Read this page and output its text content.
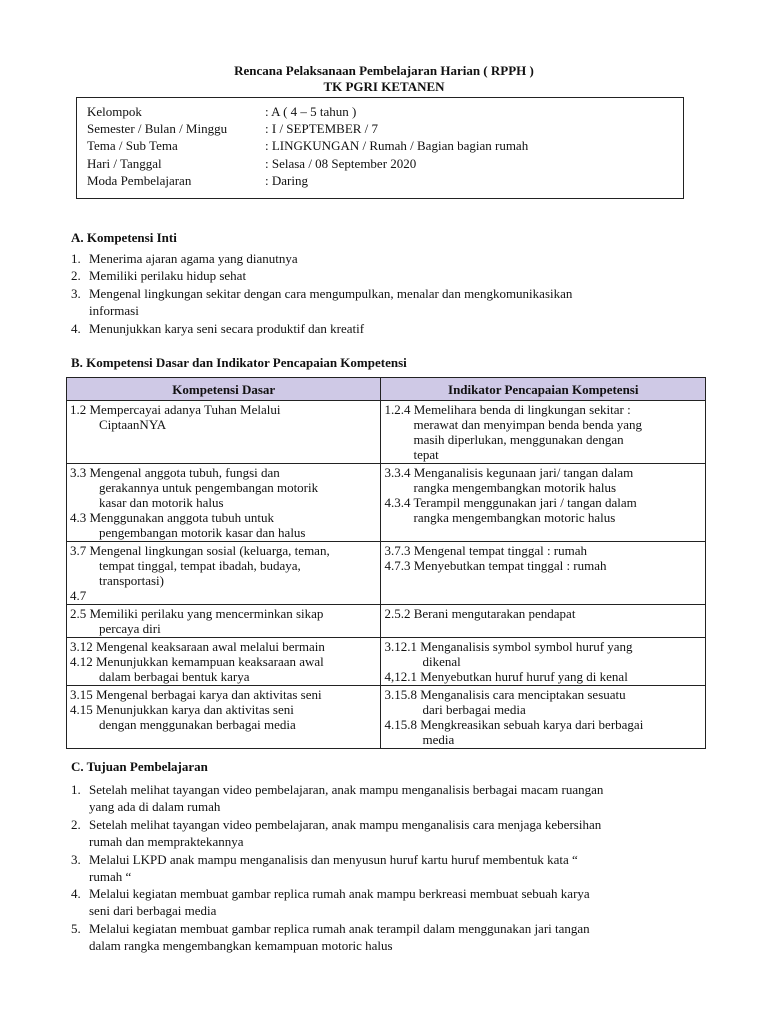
Rencana Pelaksanaan Pembelajaran Harian ( RPPH )
TK PGRI KETANEN
Kelompok	: A ( 4 – 5 tahun )
Semester / Bulan / Minggu	: I / SEPTEMBER / 7
Tema / Sub Tema	: LINGKUNGAN / Rumah / Bagian bagian rumah
Hari / Tanggal	: Selasa / 08 September 2020
Moda Pembelajaran	: Daring
A. Kompetensi Inti
1. Menerima ajaran agama yang dianutnya
2. Memiliki perilaku hidup sehat
3. Mengenal lingkungan sekitar dengan cara mengumpulkan, menalar dan mengkomunikasikan
informasi
4. Menunjukkan karya seni secara produktif dan kreatif
B. Kompetensi Dasar dan Indikator Pencapaian Kompetensi
Kompetensi Dasar	Indikator Pencapaian Kompetensi

1.2 Mempercayai adanya Tuhan Melalui
CiptaanNYA	1.2.4 Memelihara benda di lingkungan sekitar :
merawat dan menyimpan benda benda yang
masih diperlukan, menggunakan dengan
tepat

3.3 Mengenal anggota tubuh, fungsi dan
gerakannya untuk pengembangan motorik
kasar dan motorik halus
4.3 Menggunakan anggota tubuh untuk
pengembangan motorik kasar dan halus	3.3.4 Menganalisis kegunaan jari/ tangan dalam
rangka mengembangkan motorik halus
4.3.4 Terampil menggunakan jari / tangan dalam
rangka mengembangkan motoric halus

3.7 Mengenal lingkungan sosial (keluarga, teman,
tempat tinggal, tempat ibadah, budaya,
transportasi)
4.7	3.7.3 Mengenal tempat tinggal : rumah
4.7.3 Menyebutkan tempat tinggal : rumah

2.5 Memiliki perilaku yang mencerminkan sikap
percaya diri	2.5.2 Berani mengutarakan pendapat

3.12 Mengenal keaksaraan awal melalui bermain
4.12 Menunjukkan kemampuan keaksaraan awal
dalam berbagai bentuk karya	3.12.1 Menganalisis symbol symbol huruf yang
dikenal
4,12.1 Menyebutkan huruf huruf yang di kenal

3.15 Mengenal berbagai karya dan aktivitas seni
4.15 Menunjukkan karya dan aktivitas seni
dengan menggunakan berbagai media	3.15.8 Menganalisis cara menciptakan sesuatu
dari berbagai media
4.15.8 Mengkreasikan sebuah karya dari berbagai
media
C. Tujuan Pembelajaran
1. Setelah melihat tayangan video pembelajaran, anak mampu menganalisis berbagai macam ruangan
yang ada di dalam rumah
2. Setelah melihat tayangan video pembelajaran, anak mampu menganalisis cara menjaga kebersihan
rumah dan mempraktekannya
3. Melalui LKPD anak mampu menganalisis dan menyusun huruf kartu huruf membentuk kata “
rumah “
4. Melalui kegiatan membuat gambar replica rumah anak mampu berkreasi membuat sebuah karya
seni dari berbagai media
5. Melalui kegiatan membuat gambar replica rumah anak terampil dalam menggunakan jari tangan
dalam rangka mengembangkan kemampuan motoric halus
